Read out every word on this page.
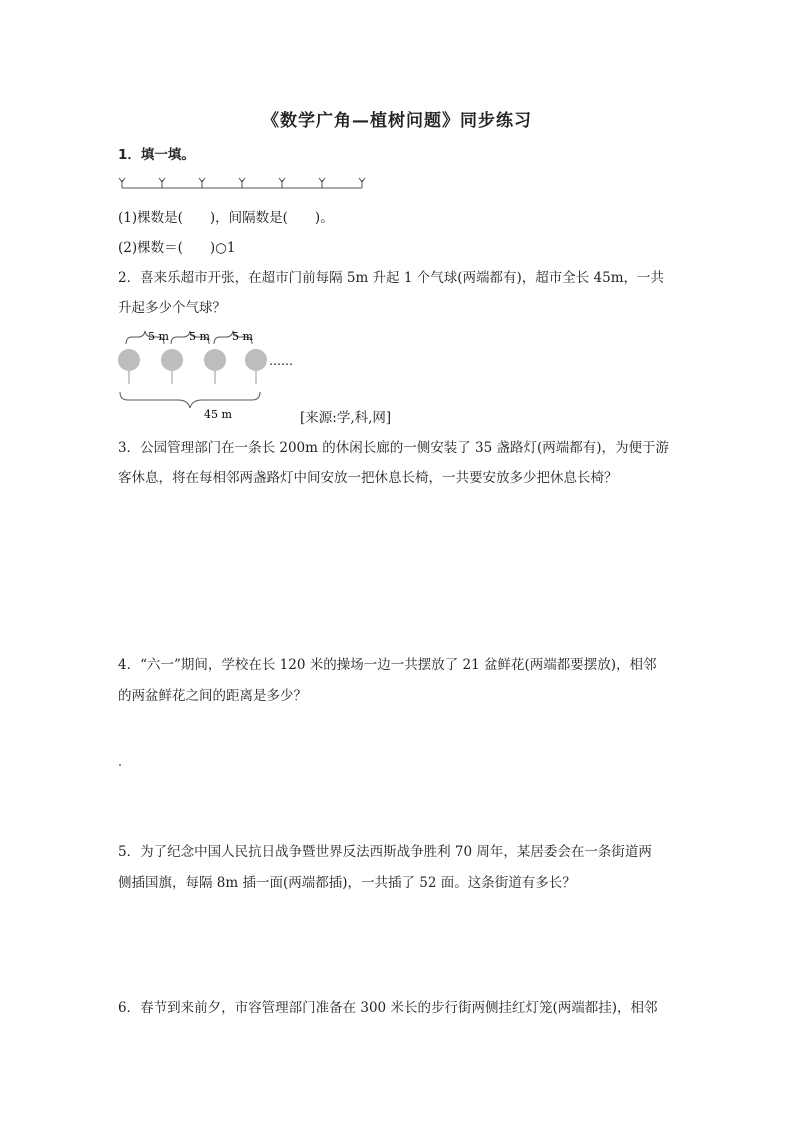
《数学广角—植树问题》同步练习
1．填一填。
(1)棵数是(　　)，间隔数是(　　)。
(2)棵数＝(　　)○1
2．喜来乐超市开张，在超市门前每隔 5m 升起 1 个气球(两端都有)，超市全长 45m，一共
升起多少个气球？
5 m 5 m 5 m
……
45 m	[来源:学,科,网]
3．公园管理部门在一条长 200m 的休闲长廊的一侧安装了 35 盏路灯(两端都有)，为便于游
客休息，将在每相邻两盏路灯中间安放一把休息长椅，一共要安放多少把休息长椅？
4．“六一”期间，学校在长 120 米的操场一边一共摆放了 21 盆鲜花(两端都要摆放)，相邻
的两盆鲜花之间的距离是多少？
5．为了纪念中国人民抗日战争暨世界反法西斯战争胜利 70 周年，某居委会在一条街道两
侧插国旗，每隔 8m 插一面(两端都插)，一共插了 52 面。这条街道有多长？
6．春节到来前夕，市容管理部门准备在 300 米长的步行街两侧挂红灯笼(两端都挂)，相邻
